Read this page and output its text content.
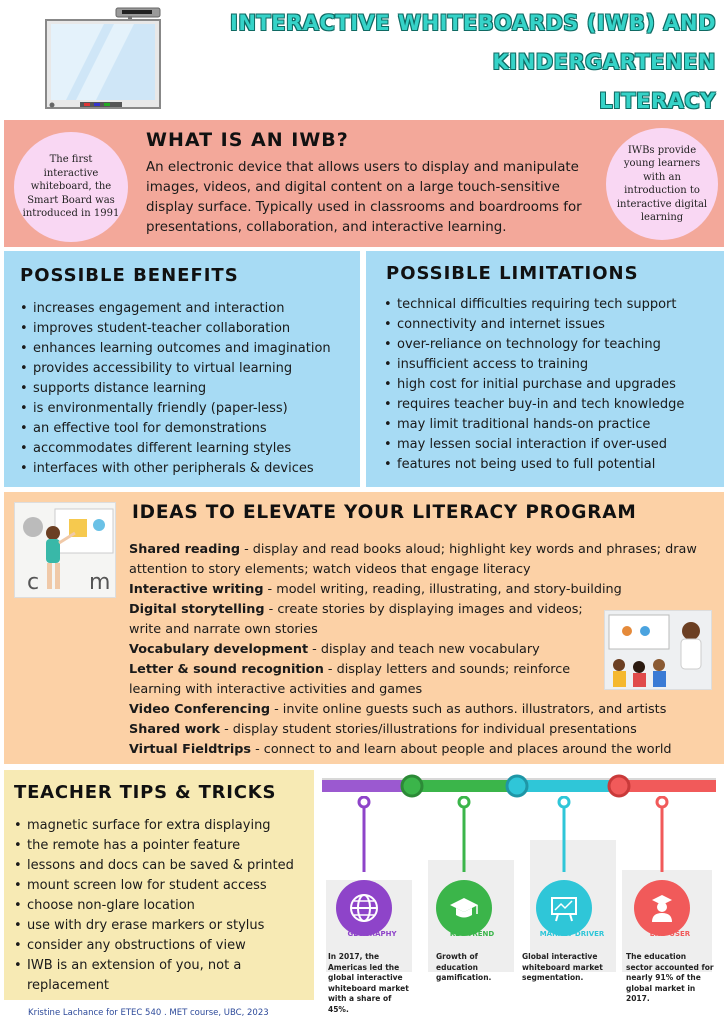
INTERACTIVE WHITEBOARDS (IWB) AND
KINDERGARTENEN
LITERACY
The first interactive whiteboard, the Smart Board was introduced in 1991
WHAT IS AN IWB?
An electronic device that allows users to display and manipulate images, videos, and digital content on a large touch-sensitive display surface. Typically used in classrooms and boardrooms for presentations, collaboration, and interactive learning.
IWBs provide young learners with an introduction to interactive digital learning
POSSIBLE BENEFITS
• increases engagement and interaction
• improves student-teacher collaboration
• enhances learning outcomes and imagination
• provides accessibility to virtual learning
• supports distance learning
• is environmentally friendly (paper-less)
• an effective tool for demonstrations
• accommodates different learning styles
• interfaces with other peripherals & devices
POSSIBLE LIMITATIONS
• technical difficulties requiring tech support
• connectivity and internet issues
• over-reliance on technology for teaching
• insufficient access to training
• high cost for initial purchase and upgrades
• requires teacher buy-in and tech knowledge
• may limit traditional hands-on practice
• may lessen social interaction if over-used
• features not being used to full potential
c m
IDEAS TO ELEVATE YOUR LITERACY PROGRAM

Shared reading - display and read books aloud; highlight key words and phrases; draw attention to story elements; watch videos that engage literacy

Interactive writing - model writing, reading, illustrating, and story-building

Digital storytelling - create stories by displaying images and videos; write and narrate own stories

Vocabulary development - display and teach new vocabulary

Letter & sound recognition - display letters and sounds; reinforce learning with interactive activities and games

Video Conferencing - invite online guests such as authors. illustrators, and artists

Shared work - display student stories/illustrations for individual presentations

Virtual Fieldtrips - connect to and learn about people and places around the world

TEACHER TIPS & TRICKS
• magnetic surface for extra displaying
• the remote has a pointer feature
• lessons and docs can be saved & printed
• mount screen low for student access
• choose non-glare location
• use with dry erase markers or stylus
• consider any obstructions of view
• IWB is an extension of you, not a replacement
GEOGRAPHY
In 2017, the Americas led the global interactive whiteboard market with a share of 45%.
KEY TREND
Growth of education gamification.
MARKET DRIVER
Global interactive whiteboard market segmentation.
END-USER
The education sector accounted for nearly 91% of the global market in 2017.
Kristine Lachance for ETEC 540 . MET course, UBC, 2023
